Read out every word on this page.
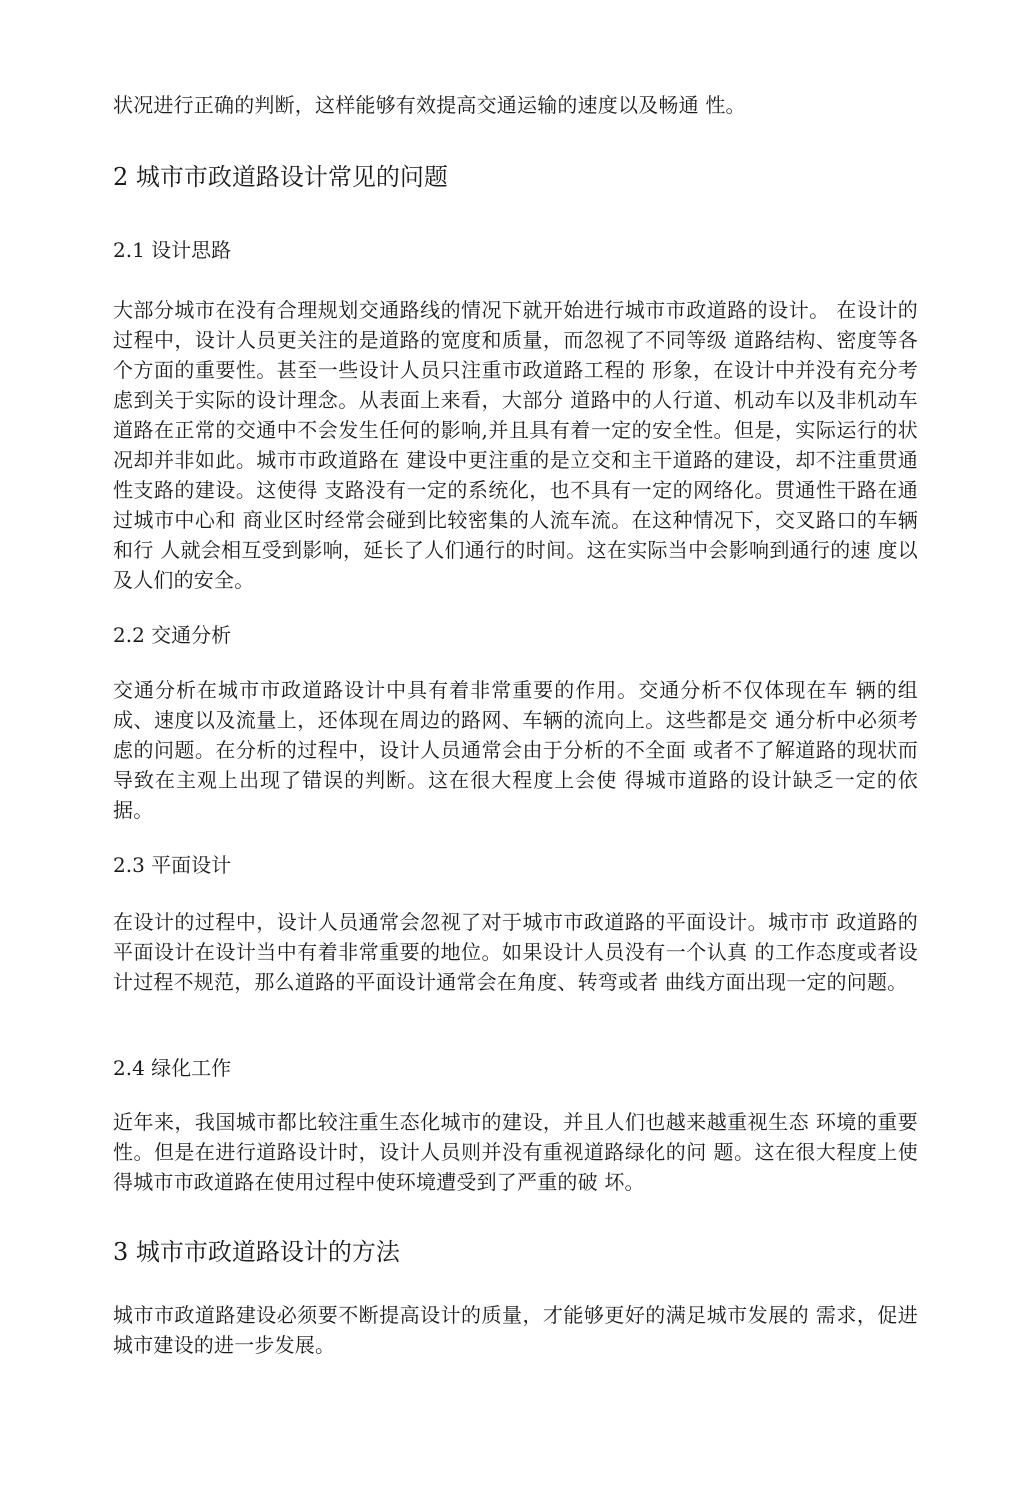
状况进行正确的判断，这样能够有效提高交通运输的速度以及畅通 性。

2 城市市政道路设计常见的问题
2.1 设计思路

大部分城市在没有合理规划交通路线的情况下就开始进行城市市政道路的设计。 在设计的过程中，设计人员更关注的是道路的宽度和质量，而忽视了不同等级 道路结构、密度等各个方面的重要性。甚至一些设计人员只注重市政道路工程的 形象，在设计中并没有充分考虑到关于实际的设计理念。从表面上来看，大部分 道路中的人行道、机动车以及非机动车道路在正常的交通中不会发生任何的影响,并且具有着一定的安全性。但是，实际运行的状况却并非如此。城市市政道路在 建设中更注重的是立交和主干道路的建设，却不注重贯通性支路的建设。这使得 支路没有一定的系统化，也不具有一定的网络化。贯通性干路在通过城市中心和 商业区时经常会碰到比较密集的人流车流。在这种情况下，交叉路口的车辆和行 人就会相互受到影响，延长了人们通行的时间。这在实际当中会影响到通行的速 度以及人们的安全。

2.2 交通分析

交通分析在城市市政道路设计中具有着非常重要的作用。交通分析不仅体现在车 辆的组成、速度以及流量上，还体现在周边的路网、车辆的流向上。这些都是交 通分析中必须考虑的问题。在分析的过程中，设计人员通常会由于分析的不全面 或者不了解道路的现状而导致在主观上出现了错误的判断。这在很大程度上会使 得城市道路的设计缺乏一定的依据。

2.3 平面设计

在设计的过程中，设计人员通常会忽视了对于城市市政道路的平面设计。城市市 政道路的平面设计在设计当中有着非常重要的地位。如果设计人员没有一个认真 的工作态度或者设计过程不规范，那么道路的平面设计通常会在角度、转弯或者 曲线方面出现一定的问题。

2.4 绿化工作

近年来，我国城市都比较注重生态化城市的建设，并且人们也越来越重视生态 环境的重要性。但是在进行道路设计时，设计人员则并没有重视道路绿化的问 题。这在很大程度上使得城市市政道路在使用过程中使环境遭受到了严重的破 坏。

3 城市市政道路设计的方法

城市市政道路建设必须要不断提高设计的质量，才能够更好的满足城市发展的 需求，促进城市建设的进一步发展。
